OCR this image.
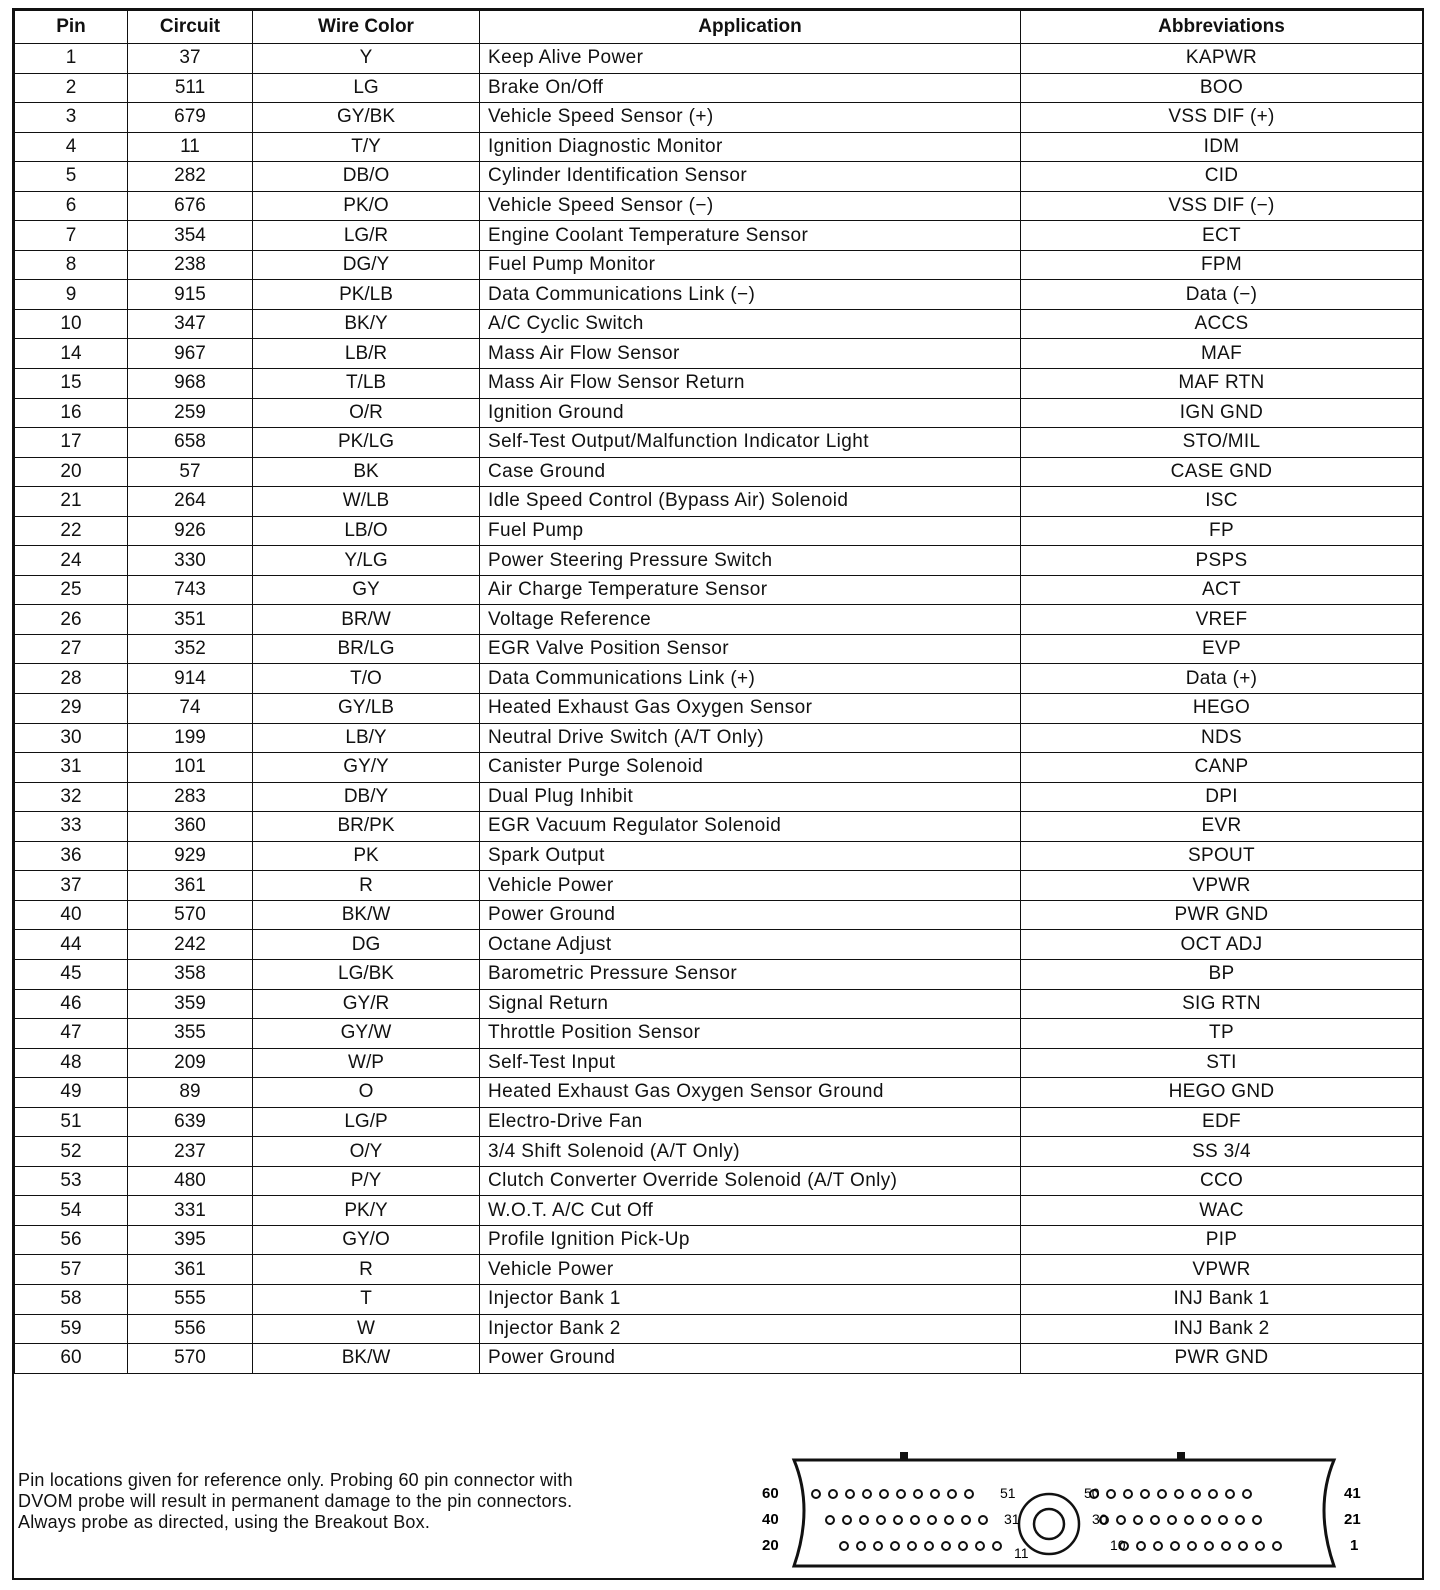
Pin	Circuit	Wire Color	Application	Abbreviations
1	37	Y	Keep Alive Power	KAPWR
2	511	LG	Brake On/Off	BOO
3	679	GY/BK	Vehicle Speed Sensor (+)	VSS DIF (+)
4	11	T/Y	Ignition Diagnostic Monitor	IDM
5	282	DB/O	Cylinder Identification Sensor	CID
6	676	PK/O	Vehicle Speed Sensor (−)	VSS DIF (−)
7	354	LG/R	Engine Coolant Temperature Sensor	ECT
8	238	DG/Y	Fuel Pump Monitor	FPM
9	915	PK/LB	Data Communications Link (−)	Data (−)
10	347	BK/Y	A/C Cyclic Switch	ACCS
14	967	LB/R	Mass Air Flow Sensor	MAF
15	968	T/LB	Mass Air Flow Sensor Return	MAF RTN
16	259	O/R	Ignition Ground	IGN GND
17	658	PK/LG	Self-Test Output/Malfunction Indicator Light	STO/MIL
20	57	BK	Case Ground	CASE GND
21	264	W/LB	Idle Speed Control (Bypass Air) Solenoid	ISC
22	926	LB/O	Fuel Pump	FP
24	330	Y/LG	Power Steering Pressure Switch	PSPS
25	743	GY	Air Charge Temperature Sensor	ACT
26	351	BR/W	Voltage Reference	VREF
27	352	BR/LG	EGR Valve Position Sensor	EVP
28	914	T/O	Data Communications Link (+)	Data (+)
29	74	GY/LB	Heated Exhaust Gas Oxygen Sensor	HEGO
30	199	LB/Y	Neutral Drive Switch (A/T Only)	NDS
31	101	GY/Y	Canister Purge Solenoid	CANP
32	283	DB/Y	Dual Plug Inhibit	DPI
33	360	BR/PK	EGR Vacuum Regulator Solenoid	EVR
36	929	PK	Spark Output	SPOUT
37	361	R	Vehicle Power	VPWR
40	570	BK/W	Power Ground	PWR GND
44	242	DG	Octane Adjust	OCT ADJ
45	358	LG/BK	Barometric Pressure Sensor	BP
46	359	GY/R	Signal Return	SIG RTN
47	355	GY/W	Throttle Position Sensor	TP
48	209	W/P	Self-Test Input	STI
49	89	O	Heated Exhaust Gas Oxygen Sensor Ground	HEGO GND
51	639	LG/P	Electro-Drive Fan	EDF
52	237	O/Y	3/4 Shift Solenoid (A/T Only)	SS 3/4
53	480	P/Y	Clutch Converter Override Solenoid (A/T Only)	CCO
54	331	PK/Y	W.O.T. A/C Cut Off	WAC
56	395	GY/O	Profile Ignition Pick-Up	PIP
57	361	R	Vehicle Power	VPWR
58	555	T	Injector Bank 1	INJ Bank 1
59	556	W	Injector Bank 2	INJ Bank 2
60	570	BK/W	Power Ground	PWR GND
Pin locations given for reference only. Probing 60 pin connector with
DVOM probe will result in permanent damage to the pin connectors.
Always probe as directed, using the Breakout Box.
60
40
20
41
21
1
51
31
11
50
30
10
